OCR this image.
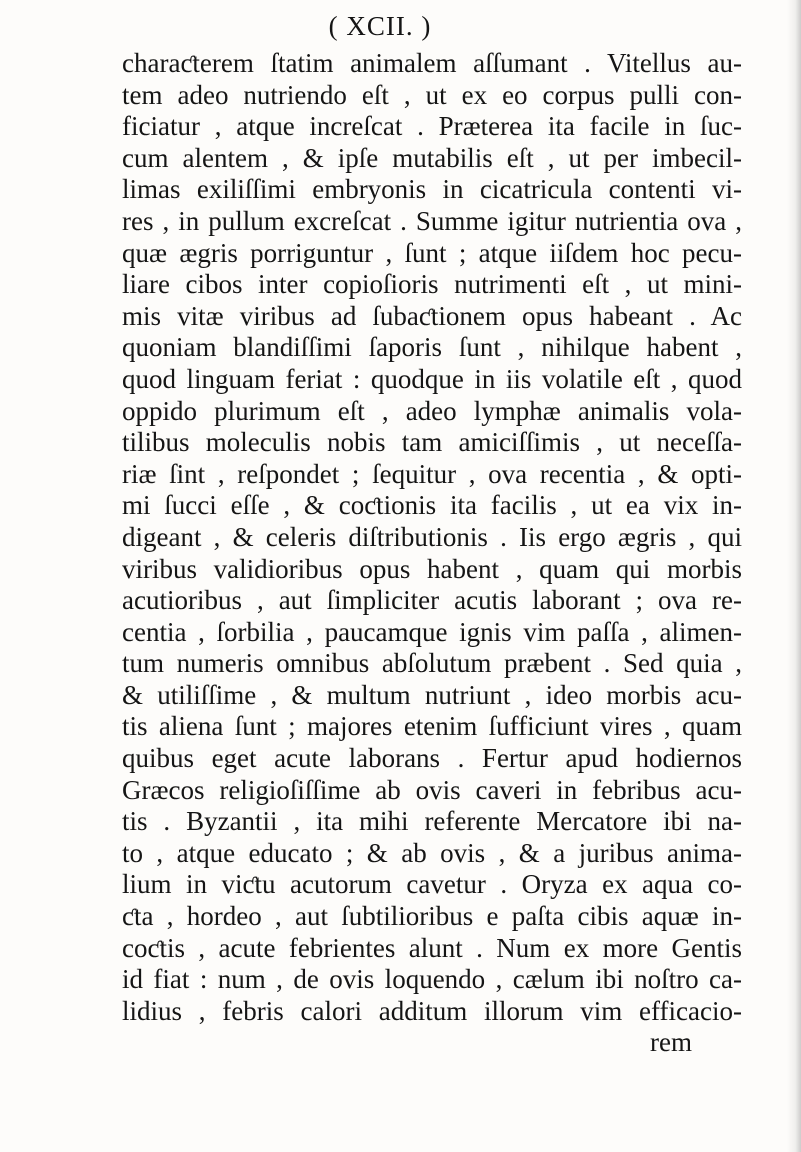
( XCII. )
charaƈterem ſtatim animalem aſſumant . Vitellus au-
tem adeo nutriendo eſt , ut ex eo corpus pulli con-
ficiatur , atque increſcat . Præterea ita facile in ſuc-
cum alentem , & ipſe mutabilis eſt , ut per imbecil-
limas exiliſſimi embryonis in cicatricula contenti vi-
res , in pullum excreſcat . Summe igitur nutrientia ova ,
quæ ægris porriguntur , ſunt ; atque iiſdem hoc pecu-
liare cibos inter copioſioris nutrimenti eſt , ut mini-
mis vitæ viribus ad ſubaƈtionem opus habeant . Ac
quoniam blandiſſimi ſaporis ſunt , nihilque habent ,
quod linguam feriat : quodque in iis volatile eſt , quod
oppido plurimum eſt , adeo lymphæ animalis vola-
tilibus moleculis nobis tam amiciſſimis , ut neceſſa-
riæ ſint , reſpondet ; ſequitur , ova recentia , & opti-
mi ſucci eſſe , & coƈtionis ita facilis , ut ea vix in-
digeant , & celeris diſtributionis . Iis ergo ægris , qui
viribus validioribus opus habent , quam qui morbis
acutioribus , aut ſimpliciter acutis laborant ; ova re-
centia , ſorbilia , paucamque ignis vim paſſa , alimen-
tum numeris omnibus abſolutum præbent . Sed quia ,
& utiliſſime , & multum nutriunt , ideo morbis acu-
tis aliena ſunt ; majores etenim ſufficiunt vires , quam
quibus eget acute laborans . Fertur apud hodiernos
Græcos religioſiſſime ab ovis caveri in febribus acu-
tis . Byzantii , ita mihi referente Mercatore ibi na-
to , atque educato ; & ab ovis , & a juribus anima-
lium in viƈtu acutorum cavetur . Oryza ex aqua co-
ƈta , hordeo , aut ſubtilioribus e paſta cibis aquæ in-
coƈtis , acute febrientes alunt . Num ex more Gentis
id fiat : num , de ovis loquendo , cælum ibi noſtro ca-
lidius , febris calori additum illorum vim efficacio-
rem
